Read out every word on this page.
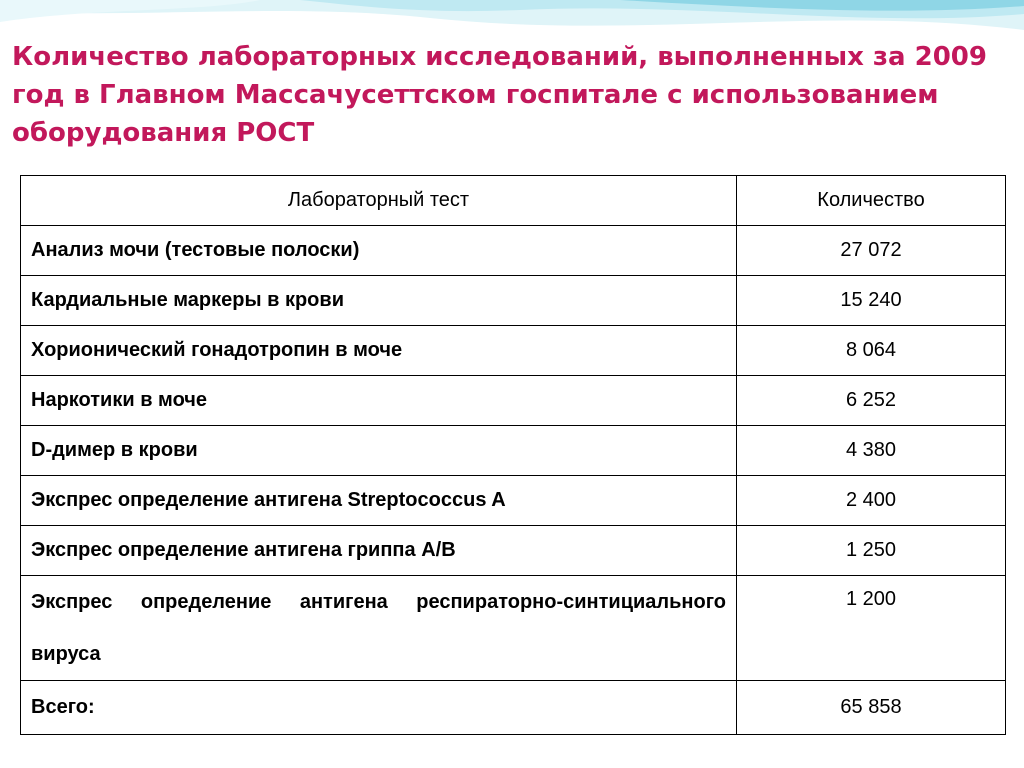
Количество лабораторных исследований, выполненных за 2009 год в Главном Массачусеттском госпитале с использованием оборудования РОСТ
Лабораторный тест	Количество
Анализ мочи (тестовые полоски)	27 072
Кардиальные маркеры в крови	15 240
Хорионический гонадотропин в моче	8 064
Наркотики в моче	6 252
D-димер в крови	4 380
Экспрес определение антигена Streptococcus A	2 400
Экспрес определение антигена гриппа А/В	1 250
Экспрес определение антигена респираторно-синтициального вируса	1 200
Всего:	65 858
